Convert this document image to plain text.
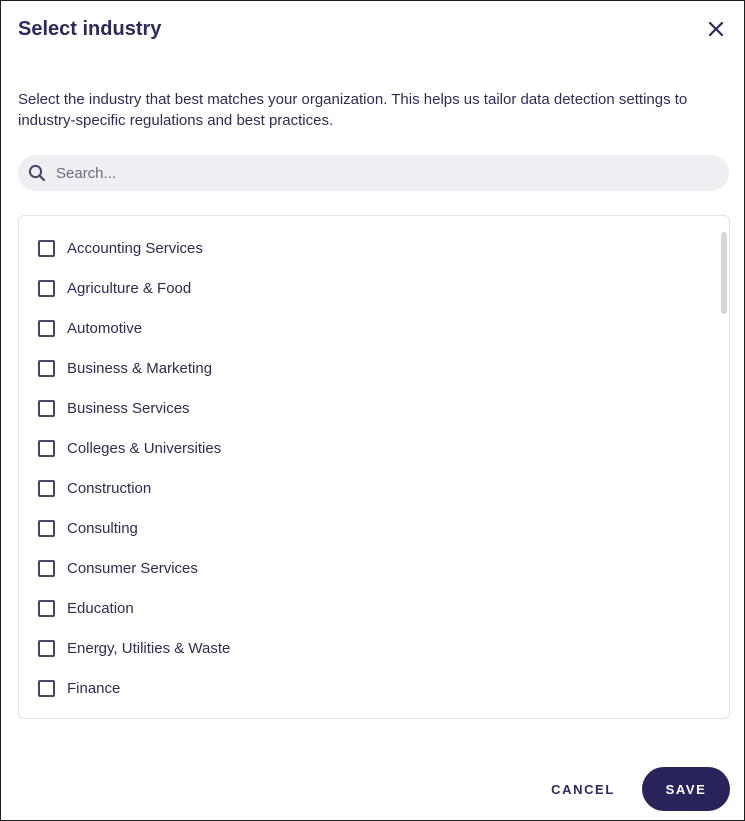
Select industry

Select the industry that best matches your organization. This helps us tailor data detection settings to industry-specific regulations and best practices.

Search...
Accounting Services
Agriculture & Food
Automotive
Business & Marketing
Business Services
Colleges & Universities
Construction
Consulting
Consumer Services
Education
Energy, Utilities & Waste
Finance
CANCEL	SAVE
